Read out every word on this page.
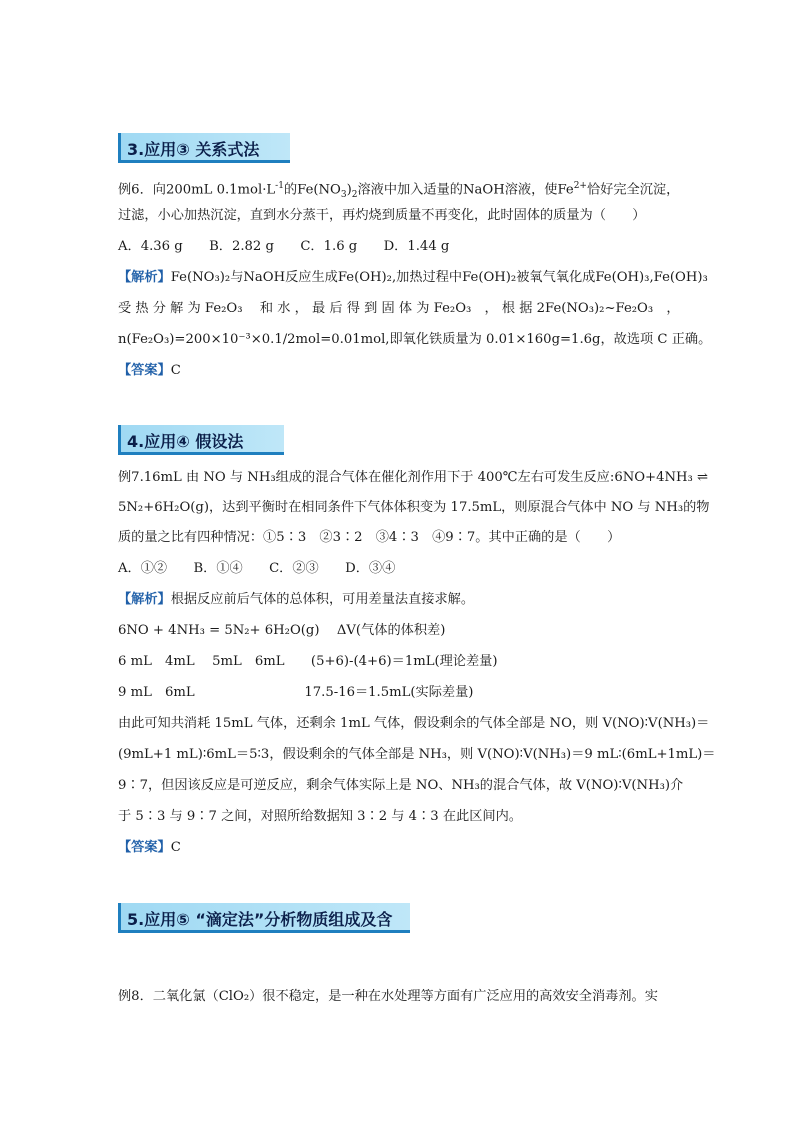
3.应用③ 关系式法
例6．向200mL $0.1mol\cdot L^{-1}$的$Fe(NO_3)_2$溶液中加入适量的NaOH溶液，使$Fe^{2+}$恰好完全沉淀，
过滤，小心加热沉淀，直到水分蒸干，再灼烧到质量不再变化，此时固体的质量为（　　）
A．4.36 g　　B．2.82 g　　C．1.6 g　　D．1.44 g
【解析】Fe(NO₃)₂与NaOH反应生成Fe(OH)₂,加热过程中Fe(OH)₂被氧气氧化成Fe(OH)₃,Fe(OH)₃
受 热 分 解 为 Fe₂O₃　 和 水 ， 最 后 得 到 固 体 为 Fe₂O₃　， 根 据 2Fe(NO₃)₂~Fe₂O₃　，
n(Fe₂O₃)=200×10⁻³×0.1/2mol=0.01mol,即氧化铁质量为 0.01×160g=1.6g，故选项 C 正确。
【答案】C
4.应用④ 假设法
例7.16mL 由 NO 与 NH₃组成的混合气体在催化剂作用下于 400℃左右可发生反应:6NO+4NH₃ ⇌
5N₂+6H₂O(g)，达到平衡时在相同条件下气体体积变为 17.5mL，则原混合气体中 NO 与 NH₃的物
质的量之比有四种情况：①5∶3　②3∶2　③4∶3　④9∶7。其中正确的是（　　）
A．①②　　B．①④　　C．②③　　D．③④
【解析】根据反应前后气体的总体积，可用差量法直接求解。
6NO + 4NH₃ = 5N₂+ 6H₂O(g)　 ΔV(气体的体积差)
6 mL　4mL　 5mL　6mL　　(5+6)-(4+6)＝1mL(理论差量)
9 mL　6mL　　　　　　　　 17.5-16＝1.5mL(实际差量)
由此可知共消耗 15mL 气体，还剩余 1mL 气体，假设剩余的气体全部是 NO，则 V(NO)∶V(NH₃)＝
(9mL+1 mL)∶6mL＝5∶3，假设剩余的气体全部是 NH₃，则 V(NO)∶V(NH₃)＝9 mL∶(6mL+1mL)＝
9∶7，但因该反应是可逆反应，剩余气体实际上是 NO、NH₃的混合气体，故 V(NO)∶V(NH₃)介
于 5∶3 与 9∶7 之间，对照所给数据知 3∶2 与 4∶3 在此区间内。
【答案】C
5.应用⑤ “滴定法”分析物质组成及含
例8．二氧化氯（ClO₂）很不稳定，是一种在水处理等方面有广泛应用的高效安全消毒剂。实
